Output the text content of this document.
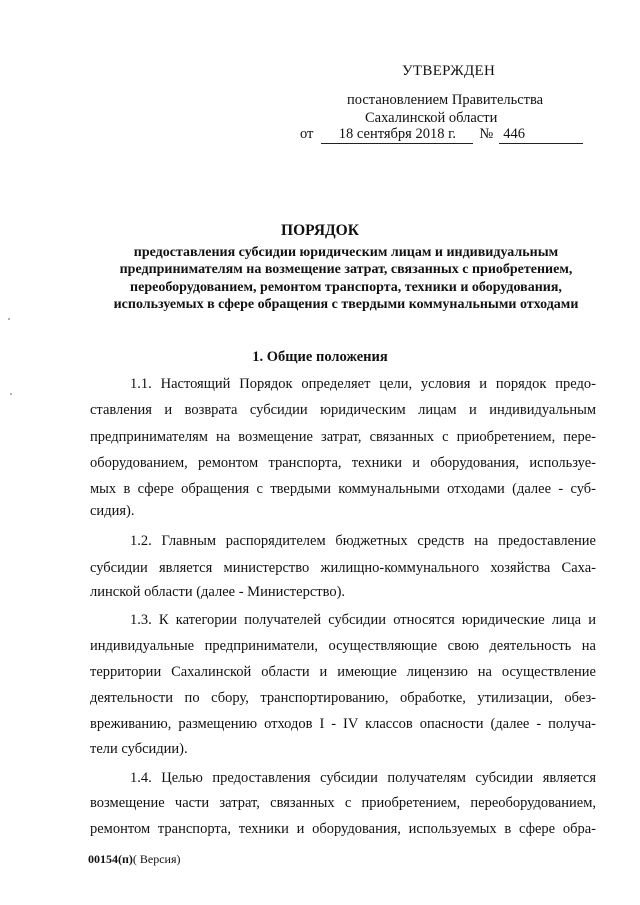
УТВЕРЖДЕН
постановлением Правительства
Сахалинской области
от 18 сентября 2018 г. № 446
ПОРЯДОК
предоставления субсидии юридическим лицам и индивидуальным
предпринимателям на возмещение затрат, связанных с приобретением,
переоборудованием, ремонтом транспорта, техники и оборудования,
используемых в сфере обращения с твердыми коммунальными отходами
1. Общие положения
1.1. Настоящий Порядок определяет цели, условия и порядок предо-
ставления и возврата субсидии юридическим лицам и индивидуальным
предпринимателям на возмещение затрат, связанных с приобретением, пере-
оборудованием, ремонтом транспорта, техники и оборудования, используе-
мых в сфере обращения с твердыми коммунальными отходами (далее - суб-
сидия).
1.2. Главным распорядителем бюджетных средств на предоставление
субсидии является министерство жилищно-коммунального хозяйства Саха-
линской области (далее - Министерство).
1.3. К категории получателей субсидии относятся юридические лица и
индивидуальные предприниматели, осуществляющие свою деятельность на
территории Сахалинской области и имеющие лицензию на осуществление
деятельности по сбору, транспортированию, обработке, утилизации, обез-
вреживанию, размещению отходов I - IV классов опасности (далее - получа-
тели субсидии).
1.4. Целью предоставления субсидии получателям субсидии является
возмещение части затрат, связанных с приобретением, переоборудованием,
ремонтом транспорта, техники и оборудования, используемых в сфере обра-
00154(п)( Версия)
